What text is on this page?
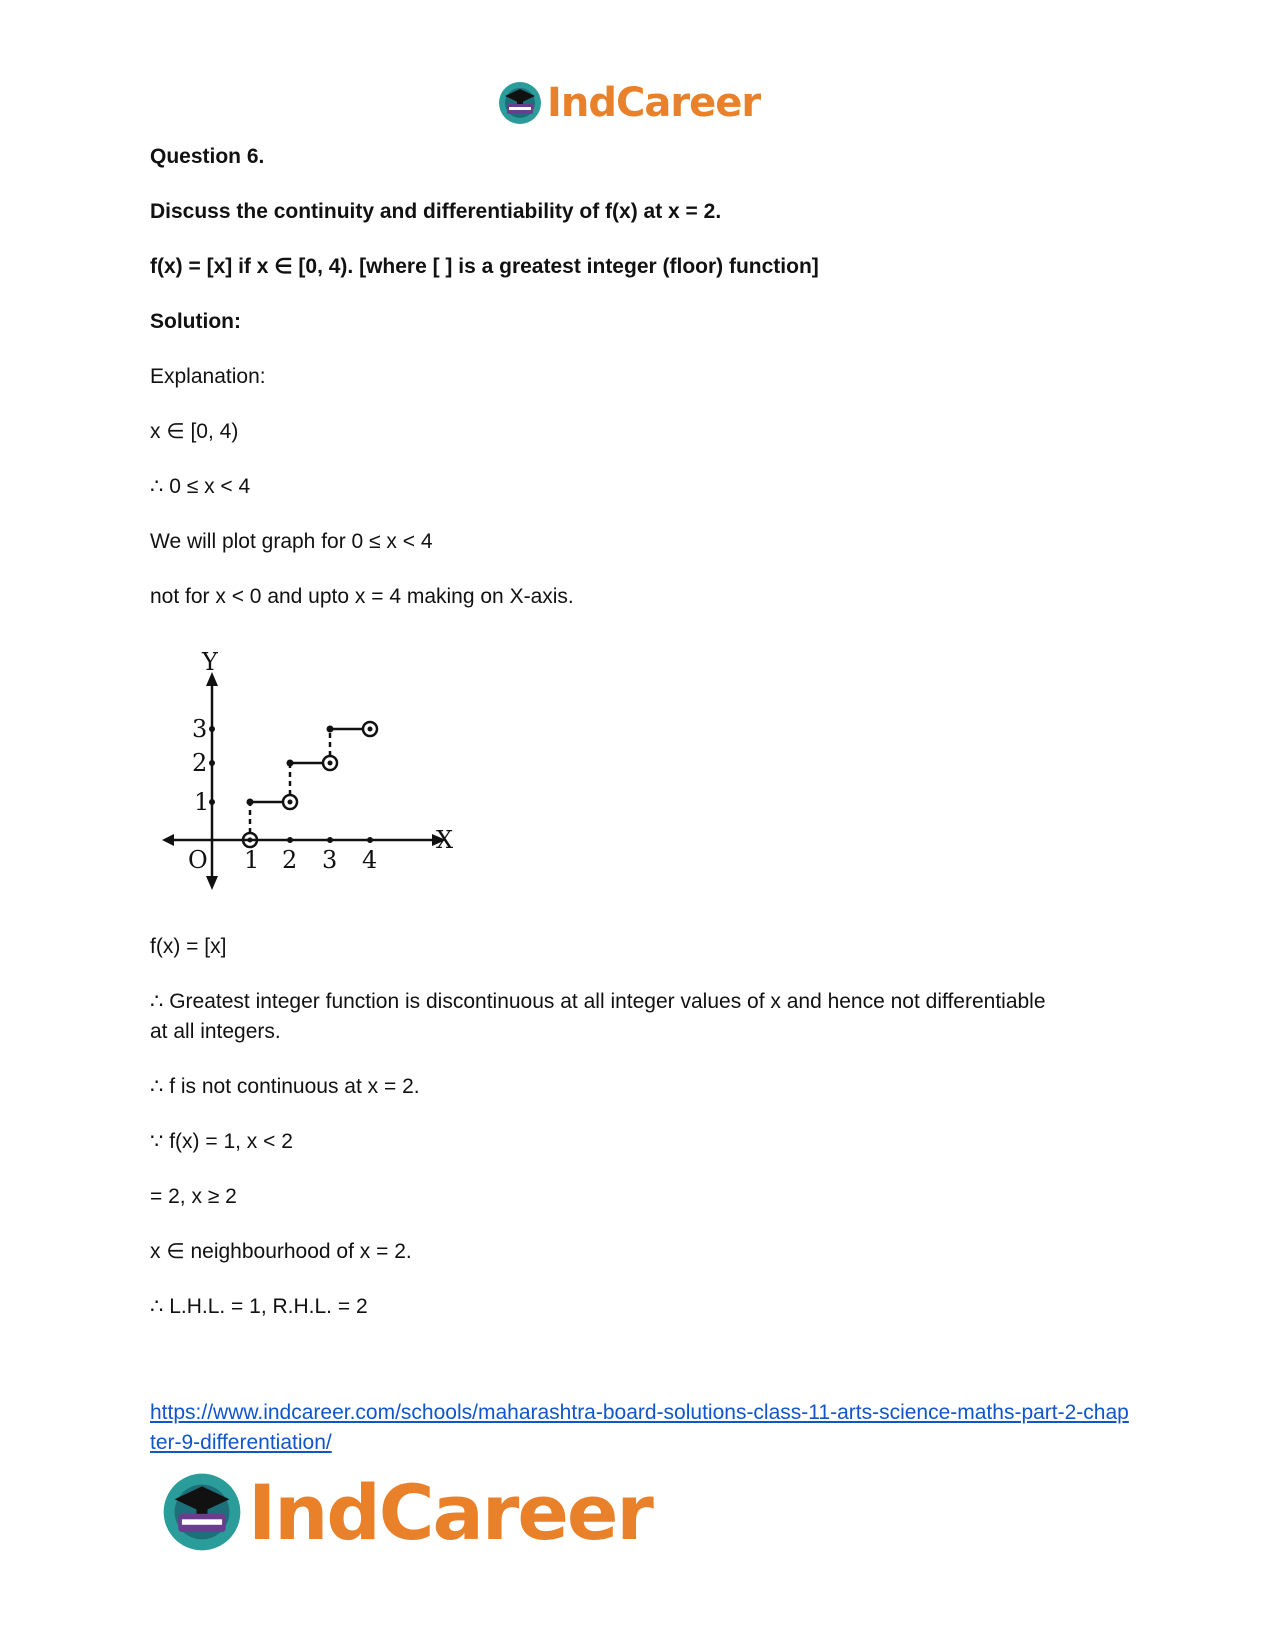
IndCareer
Question 6.
Discuss the continuity and differentiability of f(x) at x = 2.
f(x) = [x] if x ∈ [0, 4). [where [ ] is a greatest integer (floor) function]
Solution:
Explanation:
x ∈ [0, 4)
∴ 0 ≤ x < 4
We will plot graph for 0 ≤ x < 4
not for x < 0 and upto x = 4 making on X-axis.
f(x) = [x]
∴ Greatest integer function is discontinuous at all integer values of x and hence not differentiable at all integers.
∴ f is not continuous at x = 2.
∵ f(x) = 1, x < 2
= 2, x ≥ 2
x ∈ neighbourhood of x = 2.
∴ L.H.L. = 1, R.H.L. = 2
Y
X
O
1
2
3
1 2 3 4
https://www.indcareer.com/schools/maharashtra-board-solutions-class-11-arts-science-maths-part-2-chapter-9-differentiation/
IndCareer
